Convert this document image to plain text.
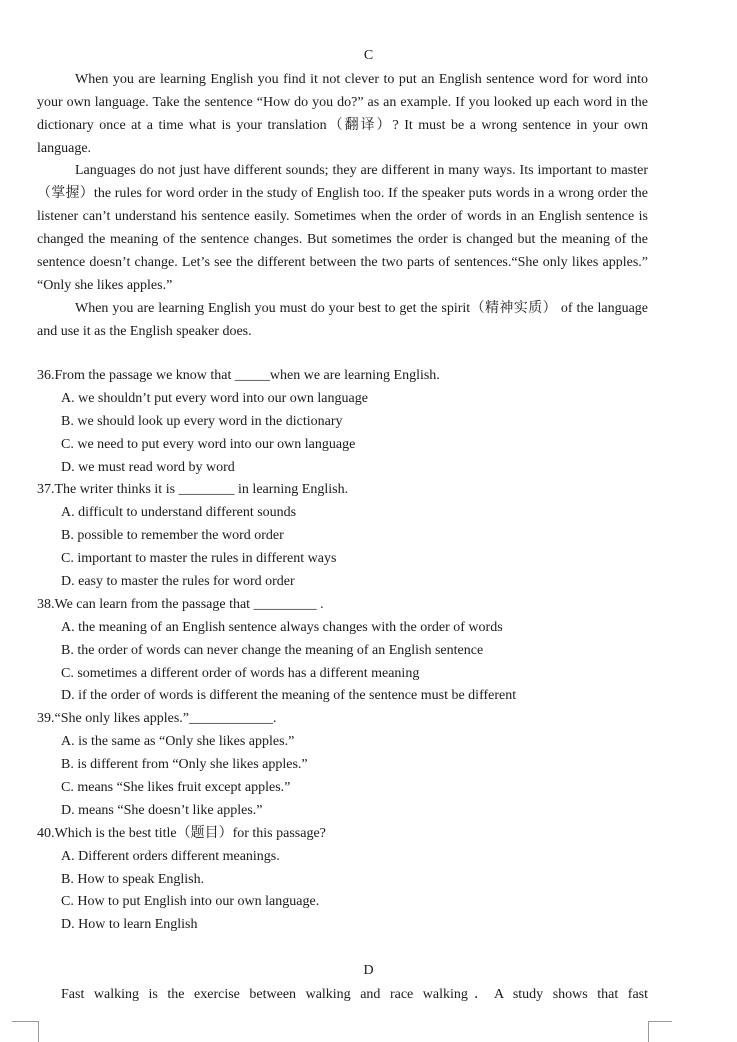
C

When you are learning English you find it not clever to put an English sentence word for word into your own language. Take the sentence “How do you do?” as an example. If you looked up each word in the dictionary once at a time what is your translation（翻译）? It must be a wrong sentence in your own language.

Languages do not just have different sounds; they are different in many ways. Its important to master（掌握）the rules for word order in the study of English too. If the speaker puts words in a wrong order the listener can’t understand his sentence easily. Sometimes when the order of words in an English sentence is changed the meaning of the sentence changes. But sometimes the order is changed but the meaning of the sentence doesn’t change. Let’s see the different between the two parts of sentences.“She only likes apples.” “Only she likes apples.”

When you are learning English you must do your best to get the spirit（精神实质） of the language and use it as the English speaker does.

36.From the passage we know that _____when we are learning English.
A. we shouldn’t put every word into our own language
B. we should look up every word in the dictionary
C. we need to put every word into our own language
D. we must read word by word
37.The writer thinks it is ________ in learning English.
A. difficult to understand different sounds
B. possible to remember the word order
C. important to master the rules in different ways
D. easy to master the rules for word order
38.We can learn from the passage that _________ .
A. the meaning of an English sentence always changes with the order of words
B. the order of words can never change the meaning of an English sentence
C. sometimes a different order of words has a different meaning
D. if the order of words is different the meaning of the sentence must be different
39.“She only likes apples.”____________.
A. is the same as “Only she likes apples.”
B. is different from “Only she likes apples.”
C. means “She likes fruit except apples.”
D. means “She doesn’t like apples.”
40.Which is the best title（题目）for this passage?
A. Different orders different meanings.
B. How to speak English.
C. How to put English into our own language.
D. How to learn English
D

Fast walking is the exercise between walking and race walking．A study shows that fast
